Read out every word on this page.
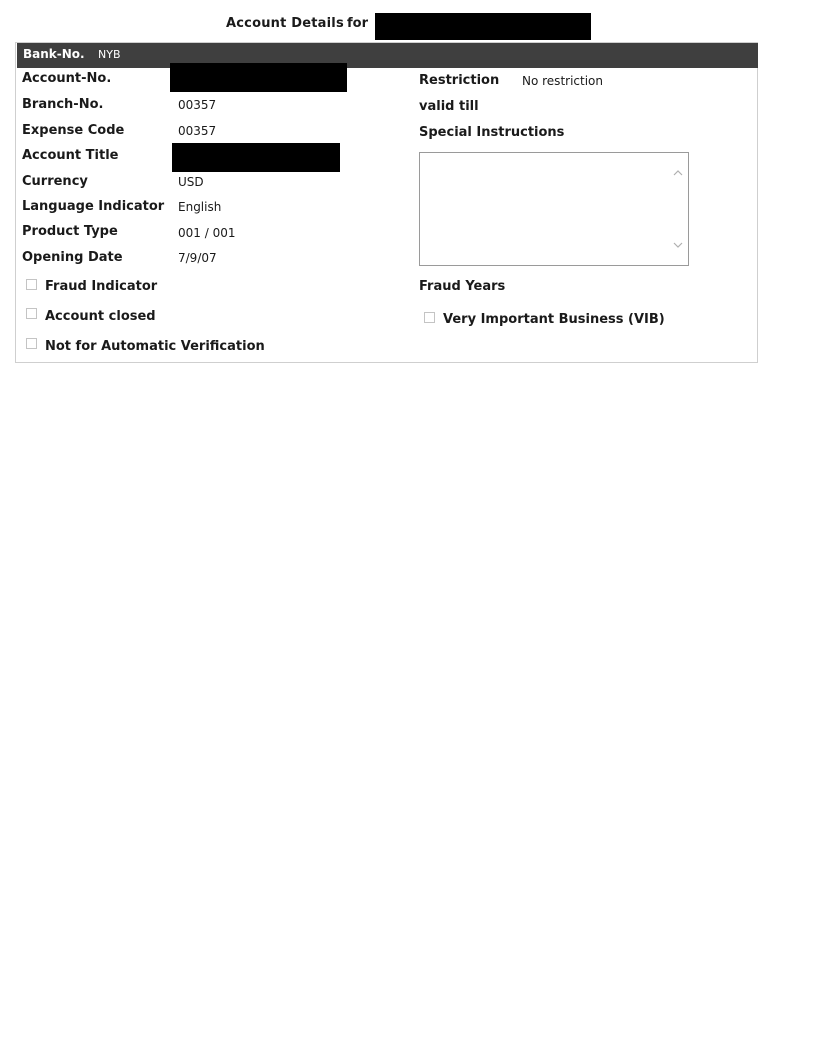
Account Details for
Bank-No. NYB
Account-No.
Branch-No.	00357
Expense Code	00357
Account Title
Currency	USD
Language Indicator English
Product Type	001 / 001
Opening Date	7/9/07
Fraud Indicator
Account closed
Not for Automatic Verification
Restriction No restriction
valid till
Special Instructions
Fraud Years
Very Important Business (VIB)
